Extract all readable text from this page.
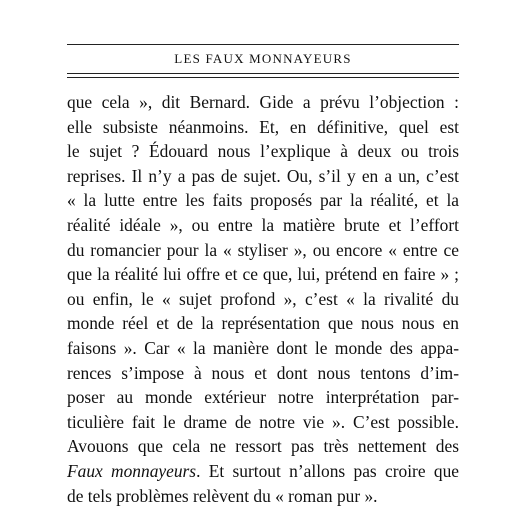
LES FAUX MONNAYEURS
que cela », dit Bernard. Gide a prévu l’objection :
elle subsiste néanmoins. Et, en définitive, quel est
le sujet ? Édouard nous l’explique à deux ou trois
reprises. Il n’y a pas de sujet. Ou, s’il y en a un, c’est
« la lutte entre les faits proposés par la réalité, et la
réalité idéale », ou entre la matière brute et l’effort
du romancier pour la « styliser », ou encore « entre ce
que la réalité lui offre et ce que, lui, prétend en faire » ;
ou enfin, le « sujet profond », c’est « la rivalité du
monde réel et de la représentation que nous nous en
faisons ». Car « la manière dont le monde des appa-
rences s’impose à nous et dont nous tentons d’im-
poser au monde extérieur notre interprétation par-
ticulière fait le drame de notre vie ». C’est possible.
Avouons que cela ne ressort pas très nettement des
Faux monnayeurs. Et surtout n’allons pas croire que
de tels problèmes relèvent du « roman pur ».
